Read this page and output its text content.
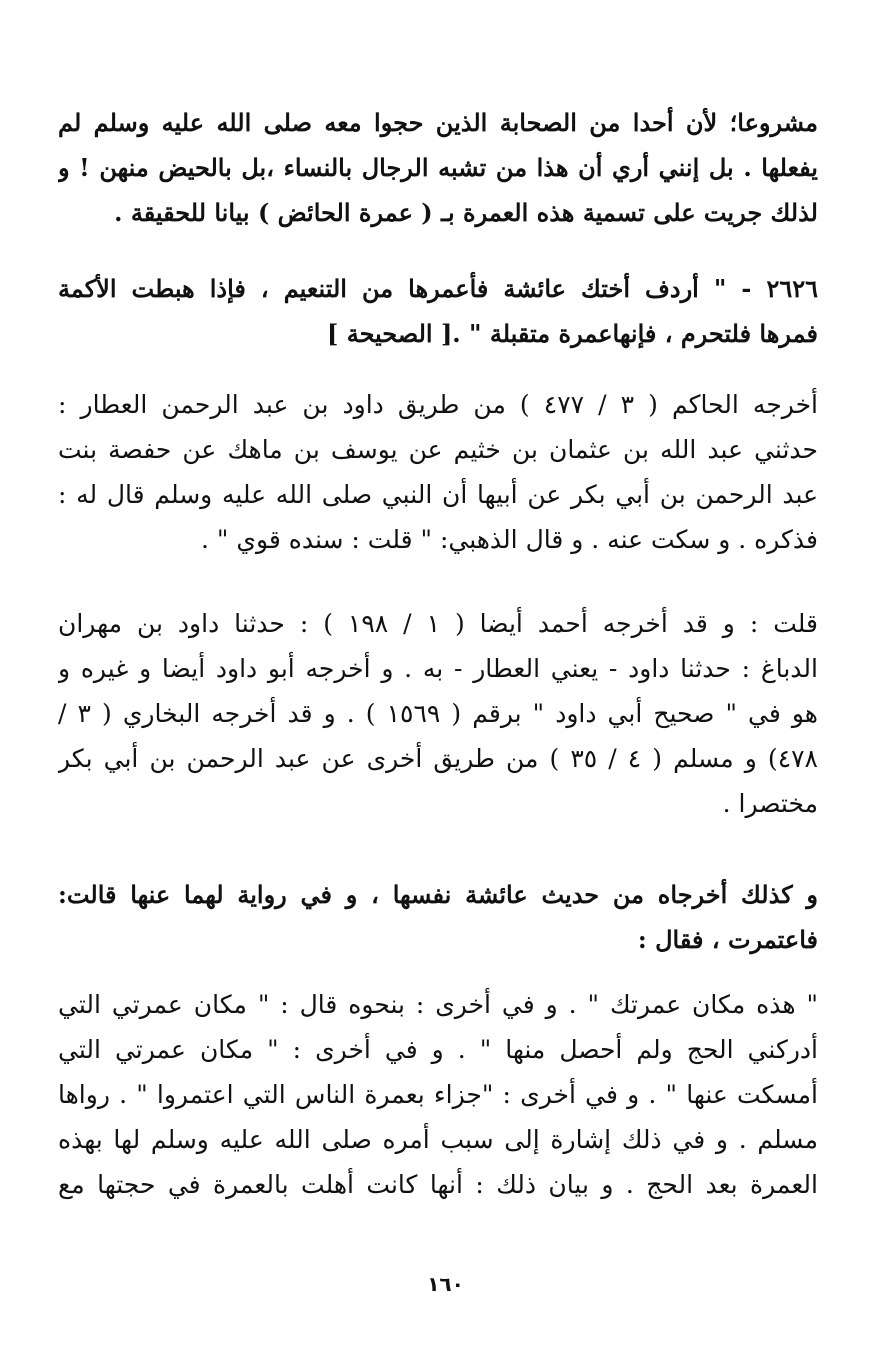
مشروعا؛ لأن أحدا من الصحابة الذين حجوا معه صلى الله عليه وسلم لم
يفعلها . بل إنني أري أن هذا من تشبه الرجال بالنساء ،بل بالحيض منهن ! و
لذلك جريت على تسمية هذه العمرة بـ ( عمرة الحائض ) بيانا للحقيقة .
٢٦٢٦ - " أردف أختك عائشة فأعمرها من التنعيم ، فإذا هبطت الأكمة
فمرها فلتحرم ، فإنهاعمرة متقبلة " .[ الصحيحة ]
أخرجه الحاكم ( ٣ / ٤٧٧ ) من طريق داود بن عبد الرحمن العطار :
حدثني عبد الله بن عثمان بن خثيم عن يوسف بن ماهك عن حفصة بنت
عبد الرحمن بن أبي بكر عن أبيها أن النبي صلى الله عليه وسلم قال له :
فذكره . و سكت عنه . و قال الذهبي: " قلت : سنده قوي " .
قلت : و قد أخرجه أحمد أيضا ( ١ / ١٩٨ ) : حدثنا داود بن مهران
الدباغ : حدثنا داود - يعني العطار - به . و أخرجه أبو داود أيضا و غيره و
هو في " صحيح أبي داود " برقم ( ١٥٦٩ ) . و قد أخرجه البخاري ( ٣ /
٤٧٨) و مسلم ( ٤ / ٣٥ ) من طريق أخرى عن عبد الرحمن بن أبي بكر
مختصرا .
و كذلك أخرجاه من حديث عائشة نفسها ، و في رواية لهما عنها قالت:
فاعتمرت ، فقال :
" هذه مكان عمرتك " . و في أخرى : بنحوه قال : " مكان عمرتي التي
أدركني الحج ولم أحصل منها " . و في أخرى : " مكان عمرتي التي
أمسكت عنها " . و في أخرى : "جزاء بعمرة الناس التي اعتمروا " . رواها
مسلم . و في ذلك إشارة إلى سبب أمره صلى الله عليه وسلم لها بهذه
العمرة بعد الحج . و بيان ذلك : أنها كانت أهلت بالعمرة في حجتها مع
١٦٠
